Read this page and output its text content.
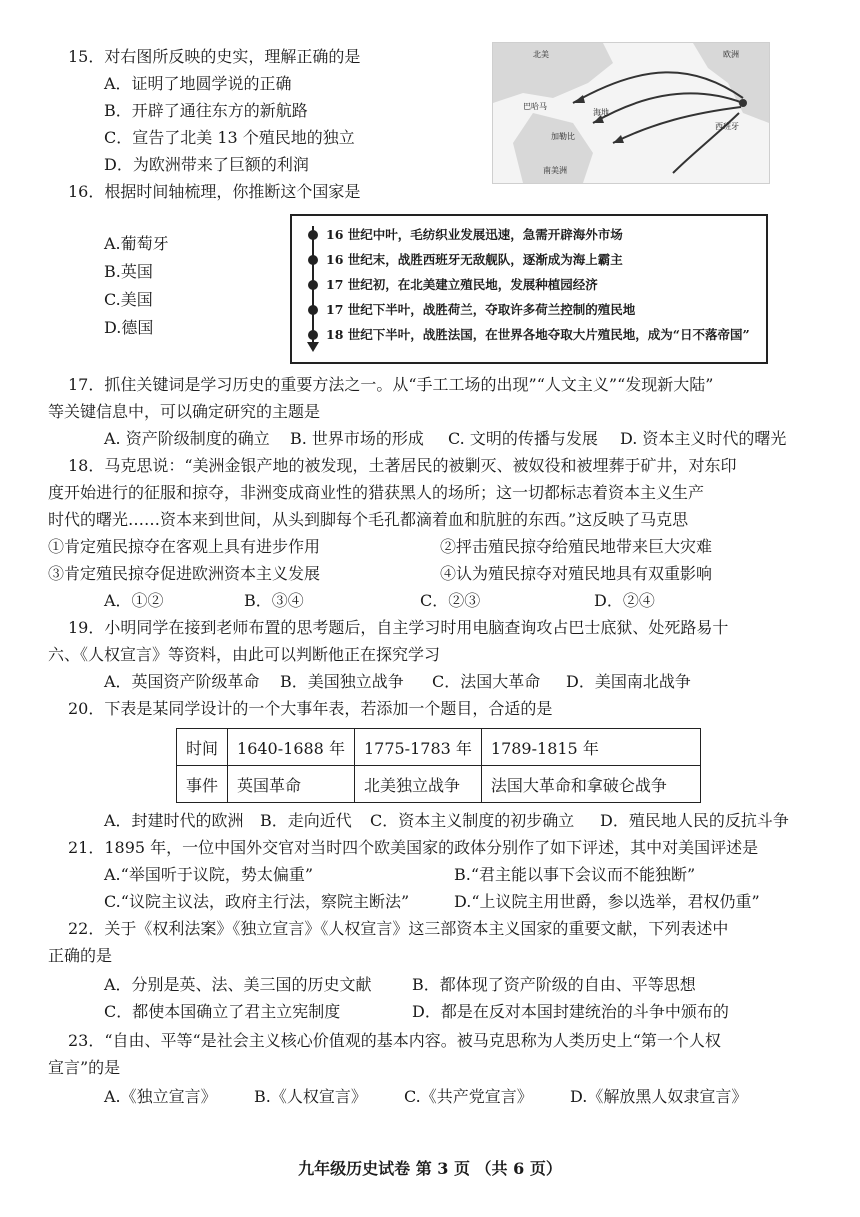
15．对右图所反映的史实，理解正确的是
A．证明了地圆学说的正确
B．开辟了通往东方的新航路
C．宣告了北美 13 个殖民地的独立
D．为欧洲带来了巨额的利润
北美	欧洲
西班牙
巴哈马
加勒比
海地
南美洲
16．根据时间轴梳理，你推断这个国家是
A.葡萄牙
B.英国
C.美国
D.德国
16 世纪中叶，毛纺织业发展迅速，急需开辟海外市场
16 世纪末，战胜西班牙无敌舰队，逐渐成为海上霸主
17 世纪初，在北美建立殖民地，发展种植园经济
17 世纪下半叶，战胜荷兰，夺取许多荷兰控制的殖民地
18 世纪下半叶，战胜法国，在世界各地夺取大片殖民地，成为“日不落帝国”
17．抓住关键词是学习历史的重要方法之一。从“手工工场的出现”“人文主义”“发现新大陆”
等关键信息中，可以确定研究的主题是
A. 资产阶级制度的确立 B. 世界市场的形成 C. 文明的传播与发展 D. 资本主义时代的曙光
18．马克思说：“美洲金银产地的被发现，土著居民的被剿灭、被奴役和被埋葬于矿井，对东印
度开始进行的征服和掠夺，非洲变成商业性的猎获黑人的场所；这一切都标志着资本主义生产
时代的曙光……资本来到世间，从头到脚每个毛孔都滴着血和肮脏的东西。”这反映了马克思
①肯定殖民掠夺在客观上具有进步作用	②抨击殖民掠夺给殖民地带来巨大灾难
③肯定殖民掠夺促进欧洲资本主义发展	④认为殖民掠夺对殖民地具有双重影响
A．①②	B．③④	C．②③	D．②④
19．小明同学在接到老师布置的思考题后，自主学习时用电脑查询攻占巴士底狱、处死路易十
六、《人权宣言》等资料，由此可以判断他正在探究学习
A．英国资产阶级革命 B．美国独立战争 C．法国大革命 D．美国南北战争
20．下表是某同学设计的一个大事年表，若添加一个题目，合适的是
时间	1640-1688 年	1775-1783 年	1789-1815 年
事件	英国革命	北美独立战争	法国大革命和拿破仑战争
A．封建时代的欧洲 B．走向近代 C．资本主义制度的初步确立 D．殖民地人民的反抗斗争
21．1895 年，一位中国外交官对当时四个欧美国家的政体分别作了如下评述，其中对美国评述是
A.“举国听于议院，势太偏重”	B.“君主能以事下会议而不能独断”
C.“议院主议法，政府主行法，察院主断法”	D.“上议院主用世爵，参以选举，君权仍重”
22．关于《权利法案》《独立宣言》《人权宣言》这三部资本主义国家的重要文献，下列表述中
正确的是
A．分别是英、法、美三国的历史文献	B．都体现了资产阶级的自由、平等思想
C．都使本国确立了君主立宪制度	D．都是在反对本国封建统治的斗争中颁布的
23．“自由、平等“是社会主义核心价值观的基本内容。被马克思称为人类历史上“第一个人权
宣言”的是
A.《独立宣言》 B.《人权宣言》 C.《共产党宣言》 D.《解放黑人奴隶宣言》
九年级历史试卷 第 3 页 （共 6 页）
